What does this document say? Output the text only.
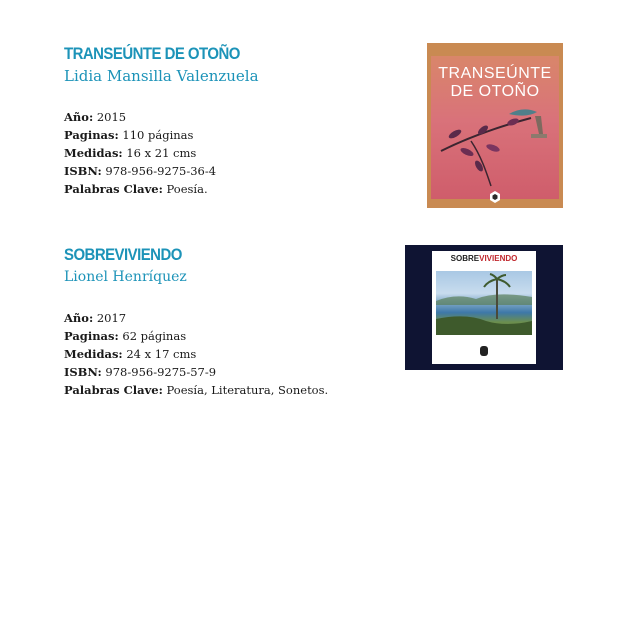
TRANSEÚNTE DE OTOÑO
Lidia Mansilla Valenzuela
Año: 2015
Paginas: 110 páginas
Medidas: 16 x 21 cms
ISBN: 978-956-9275-36-4
Palabras Clave: Poesía.
TRANSEÚNTE
DE OTOÑO
SOBREVIVIENDO
Lionel Henríquez
Año: 2017
Paginas: 62 páginas
Medidas: 24 x 17 cms
ISBN: 978-956-9275-57-9
Palabras Clave: Poesía, Literatura, Sonetos.
SOBREVIVIENDO
